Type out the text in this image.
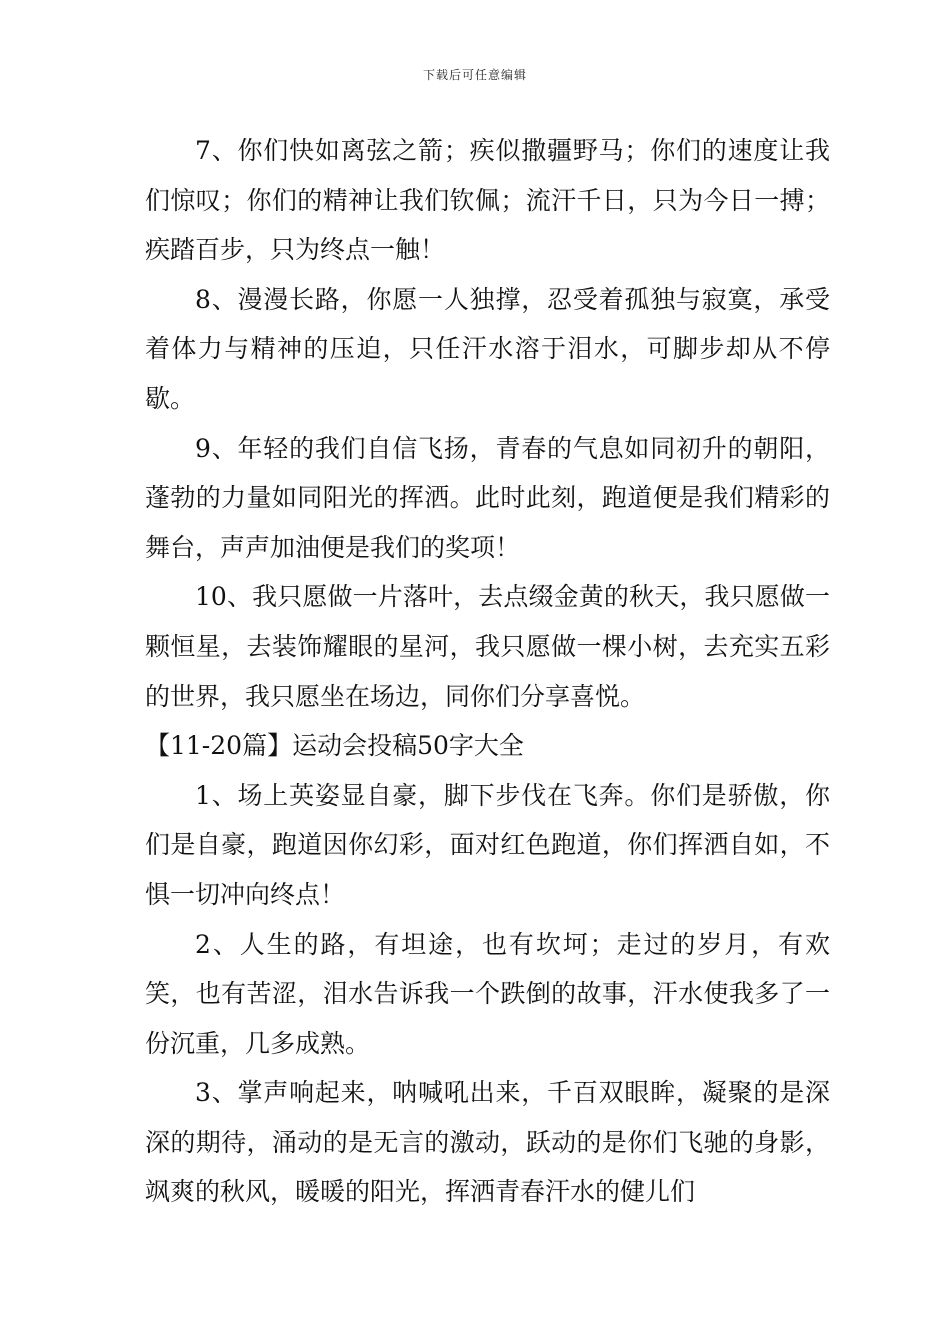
下载后可任意编辑

7、你们快如离弦之箭；疾似撒疆野马；你们的速度让我们惊叹；你们的精神让我们钦佩；流汗千日，只为今日一搏；疾踏百步，只为终点一触！

8、漫漫长路，你愿一人独撑，忍受着孤独与寂寞，承受着体力与精神的压迫，只任汗水溶于泪水，可脚步却从不停歇。

9、年轻的我们自信飞扬，青春的气息如同初升的朝阳，蓬勃的力量如同阳光的挥洒。此时此刻，跑道便是我们精彩的舞台，声声加油便是我们的奖项！

10、我只愿做一片落叶，去点缀金黄的秋天，我只愿做一颗恒星，去装饰耀眼的星河，我只愿做一棵小树，去充实五彩的世界，我只愿坐在场边，同你们分享喜悦。

【11-20篇】运动会投稿50字大全

1、场上英姿显自豪，脚下步伐在飞奔。你们是骄傲，你们是自豪，跑道因你幻彩，面对红色跑道，你们挥洒自如，不惧一切冲向终点！

2、人生的路，有坦途，也有坎坷；走过的岁月，有欢笑，也有苦涩，泪水告诉我一个跌倒的故事，汗水使我多了一份沉重，几多成熟。

3、掌声响起来，呐喊吼出来，千百双眼眸，凝聚的是深深的期待，涌动的是无言的激动，跃动的是你们飞驰的身影，飒爽的秋风，暖暖的阳光，挥洒青春汗水的健儿们
